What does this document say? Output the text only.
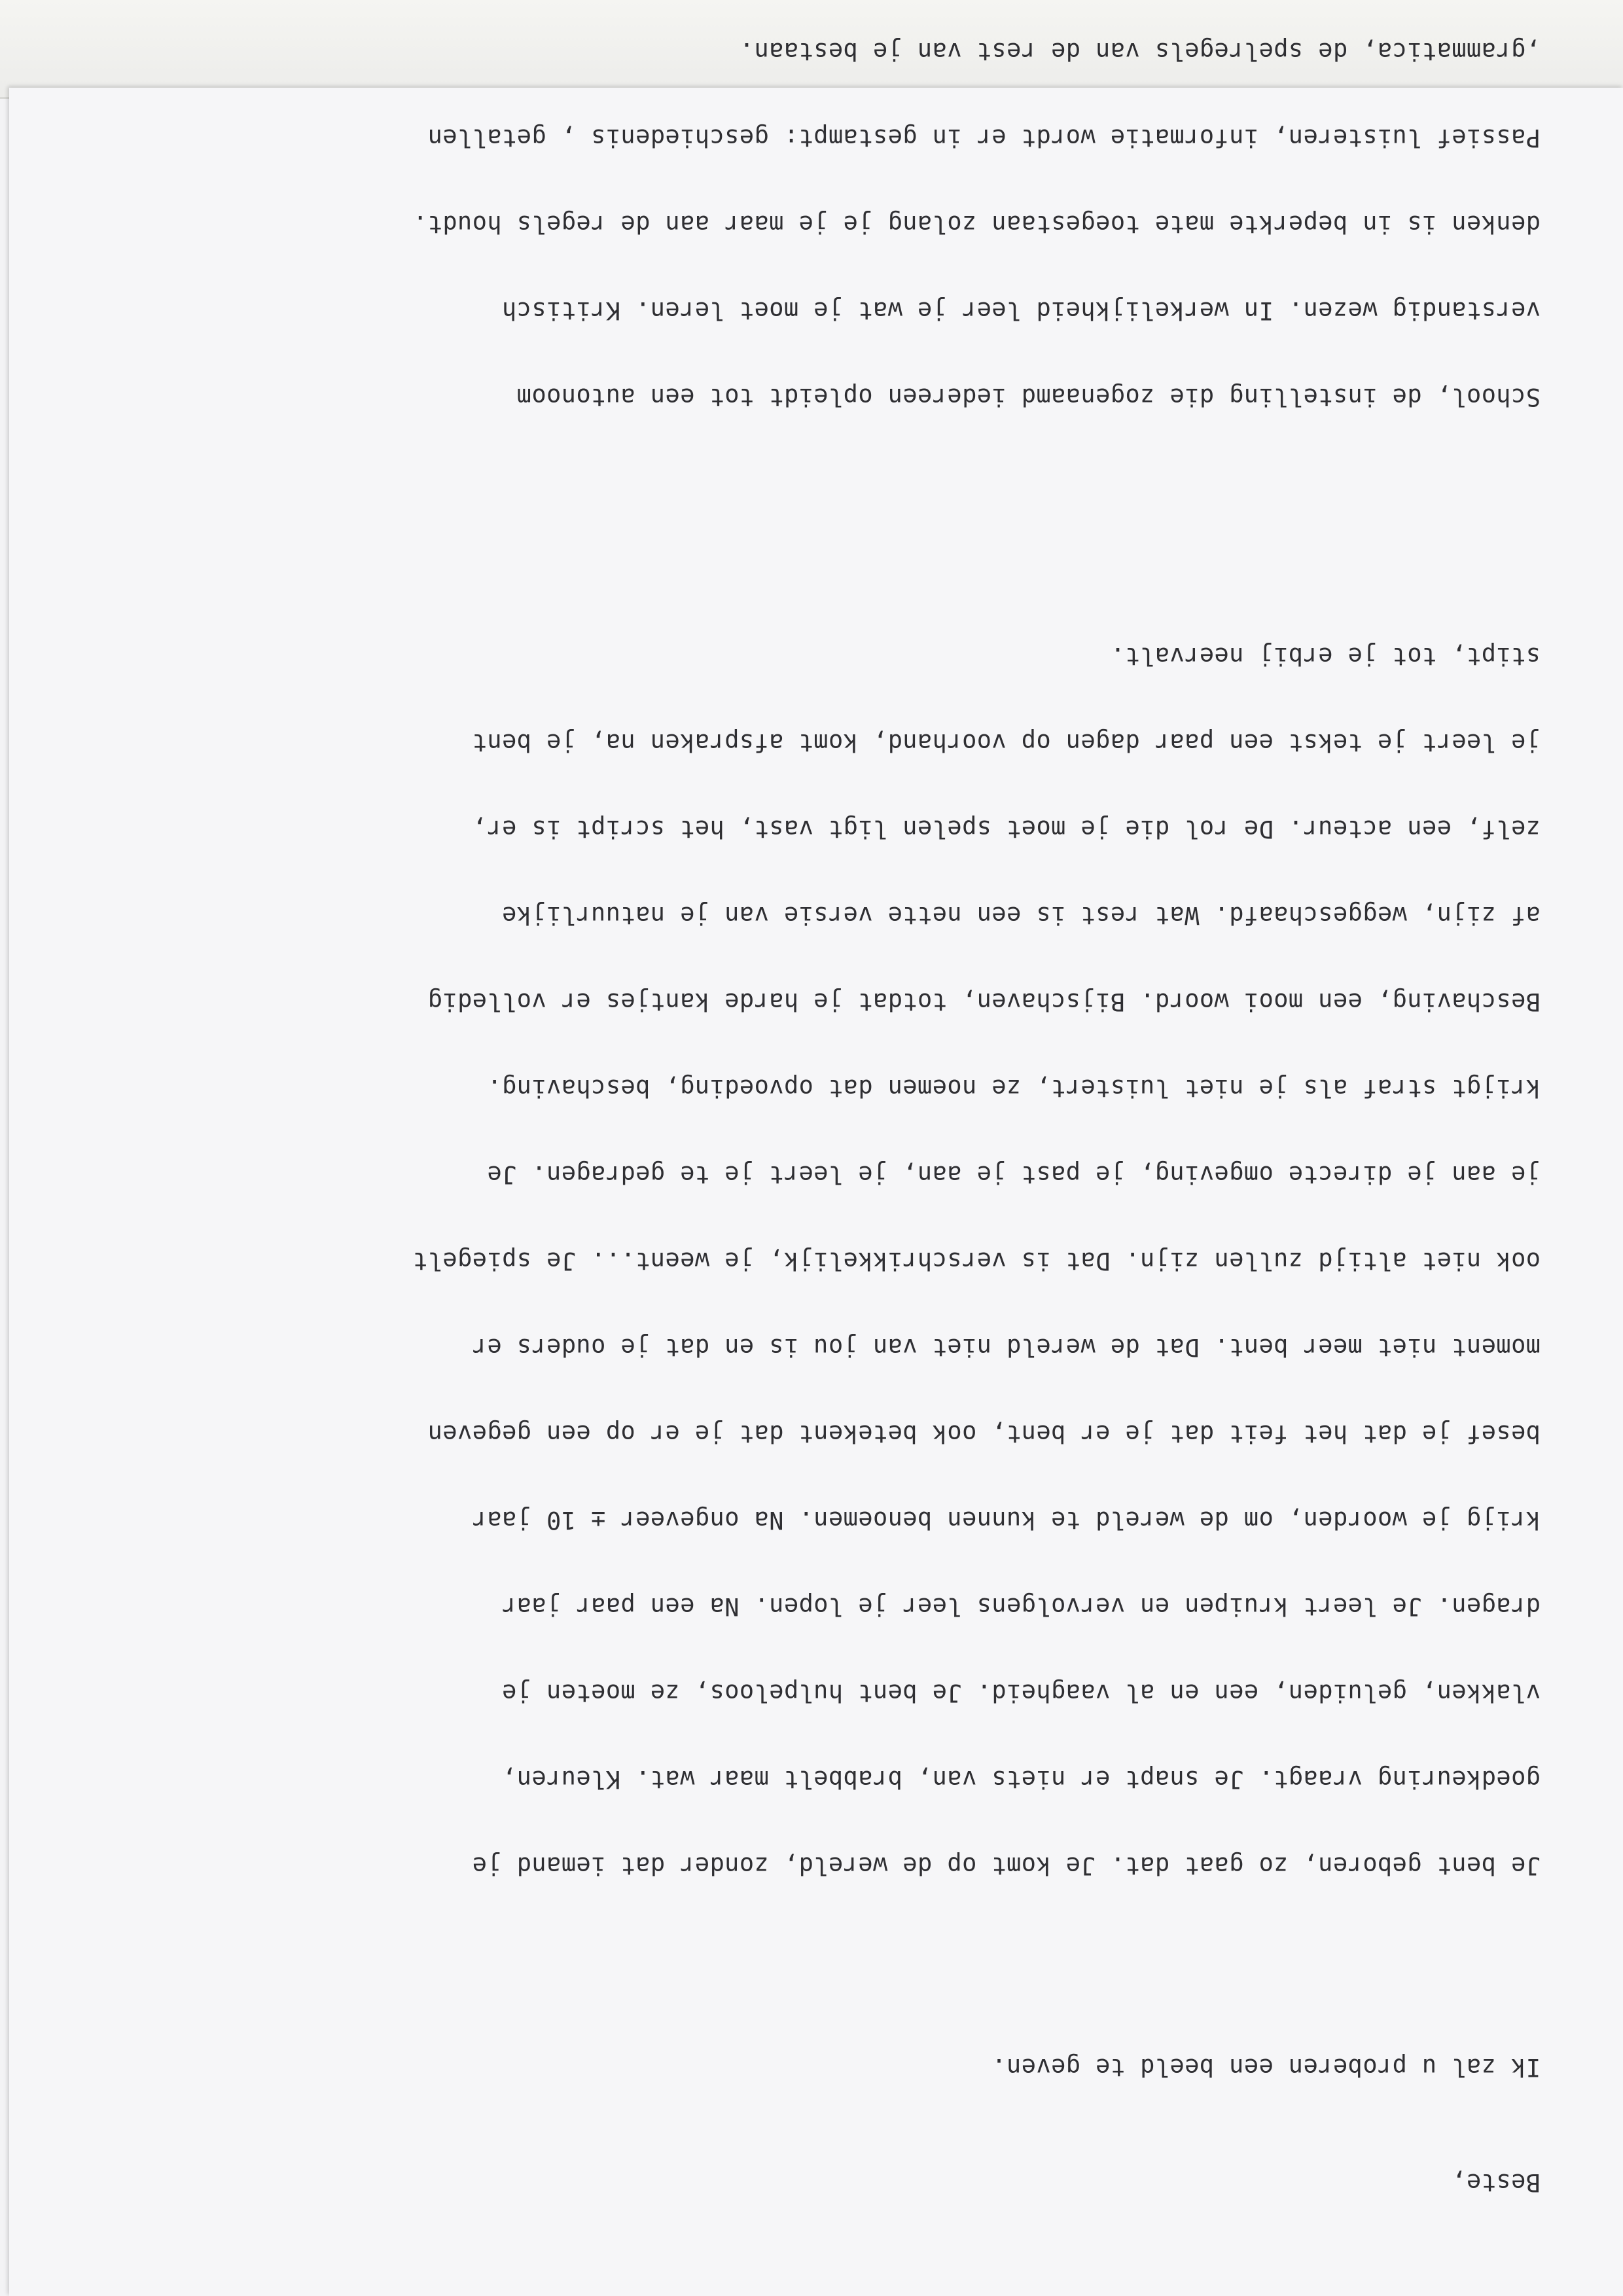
Beste,

Ik zal u proberen een beeld te geven.

Je bent geboren, zo gaat dat. Je komt op de wereld, zonder dat iemand je

goedkeuring vraagt. Je snapt er niets van, brabbelt maar wat. Kleuren,

vlakken, geluiden, een en al vaagheid. Je bent hulpeloos, ze moeten je

dragen. Je leert kruipen en vervolgens leer je lopen. Na een paar jaar

krijg je woorden, om de wereld te kunnen benoemen. Na ongeveer ± 10 jaar

besef je dat het feit dat je er bent, ook betekent dat je er op een gegeven

moment niet meer bent. Dat de wereld niet van jou is en dat je ouders er

ook niet altijd zullen zijn. Dat is verschrikkelijk, je weent... Je spiegelt

je aan je directe omgeving, je past je aan, je leert je te gedragen. Je

krijgt straf als je niet luistert, ze noemen dat opvoeding, beschaving.

Beschaving, een mooi woord. Bijschaven, totdat je harde kantjes er volledig

af zijn, weggeschaafd. Wat rest is een nette versie van je natuurlijke

zelf, een acteur. De rol die je moet spelen ligt vast, het script is er,

je leert je tekst een paar dagen op voorhand, komt afspraken na, je bent

stipt, tot je erbij neervalt.

School, de instelling die zogenaamd iedereen opleidt tot een autonoom

verstandig wezen. In werkelijkheid leer je wat je moet leren. Kritisch

denken is in beperkte mate toegestaan zolang je je maar aan de regels houdt.

Passief luisteren, informatie wordt er in gestampt: geschiedenis , getallen

,grammatica, de spelregels van de rest van je bestaan.
